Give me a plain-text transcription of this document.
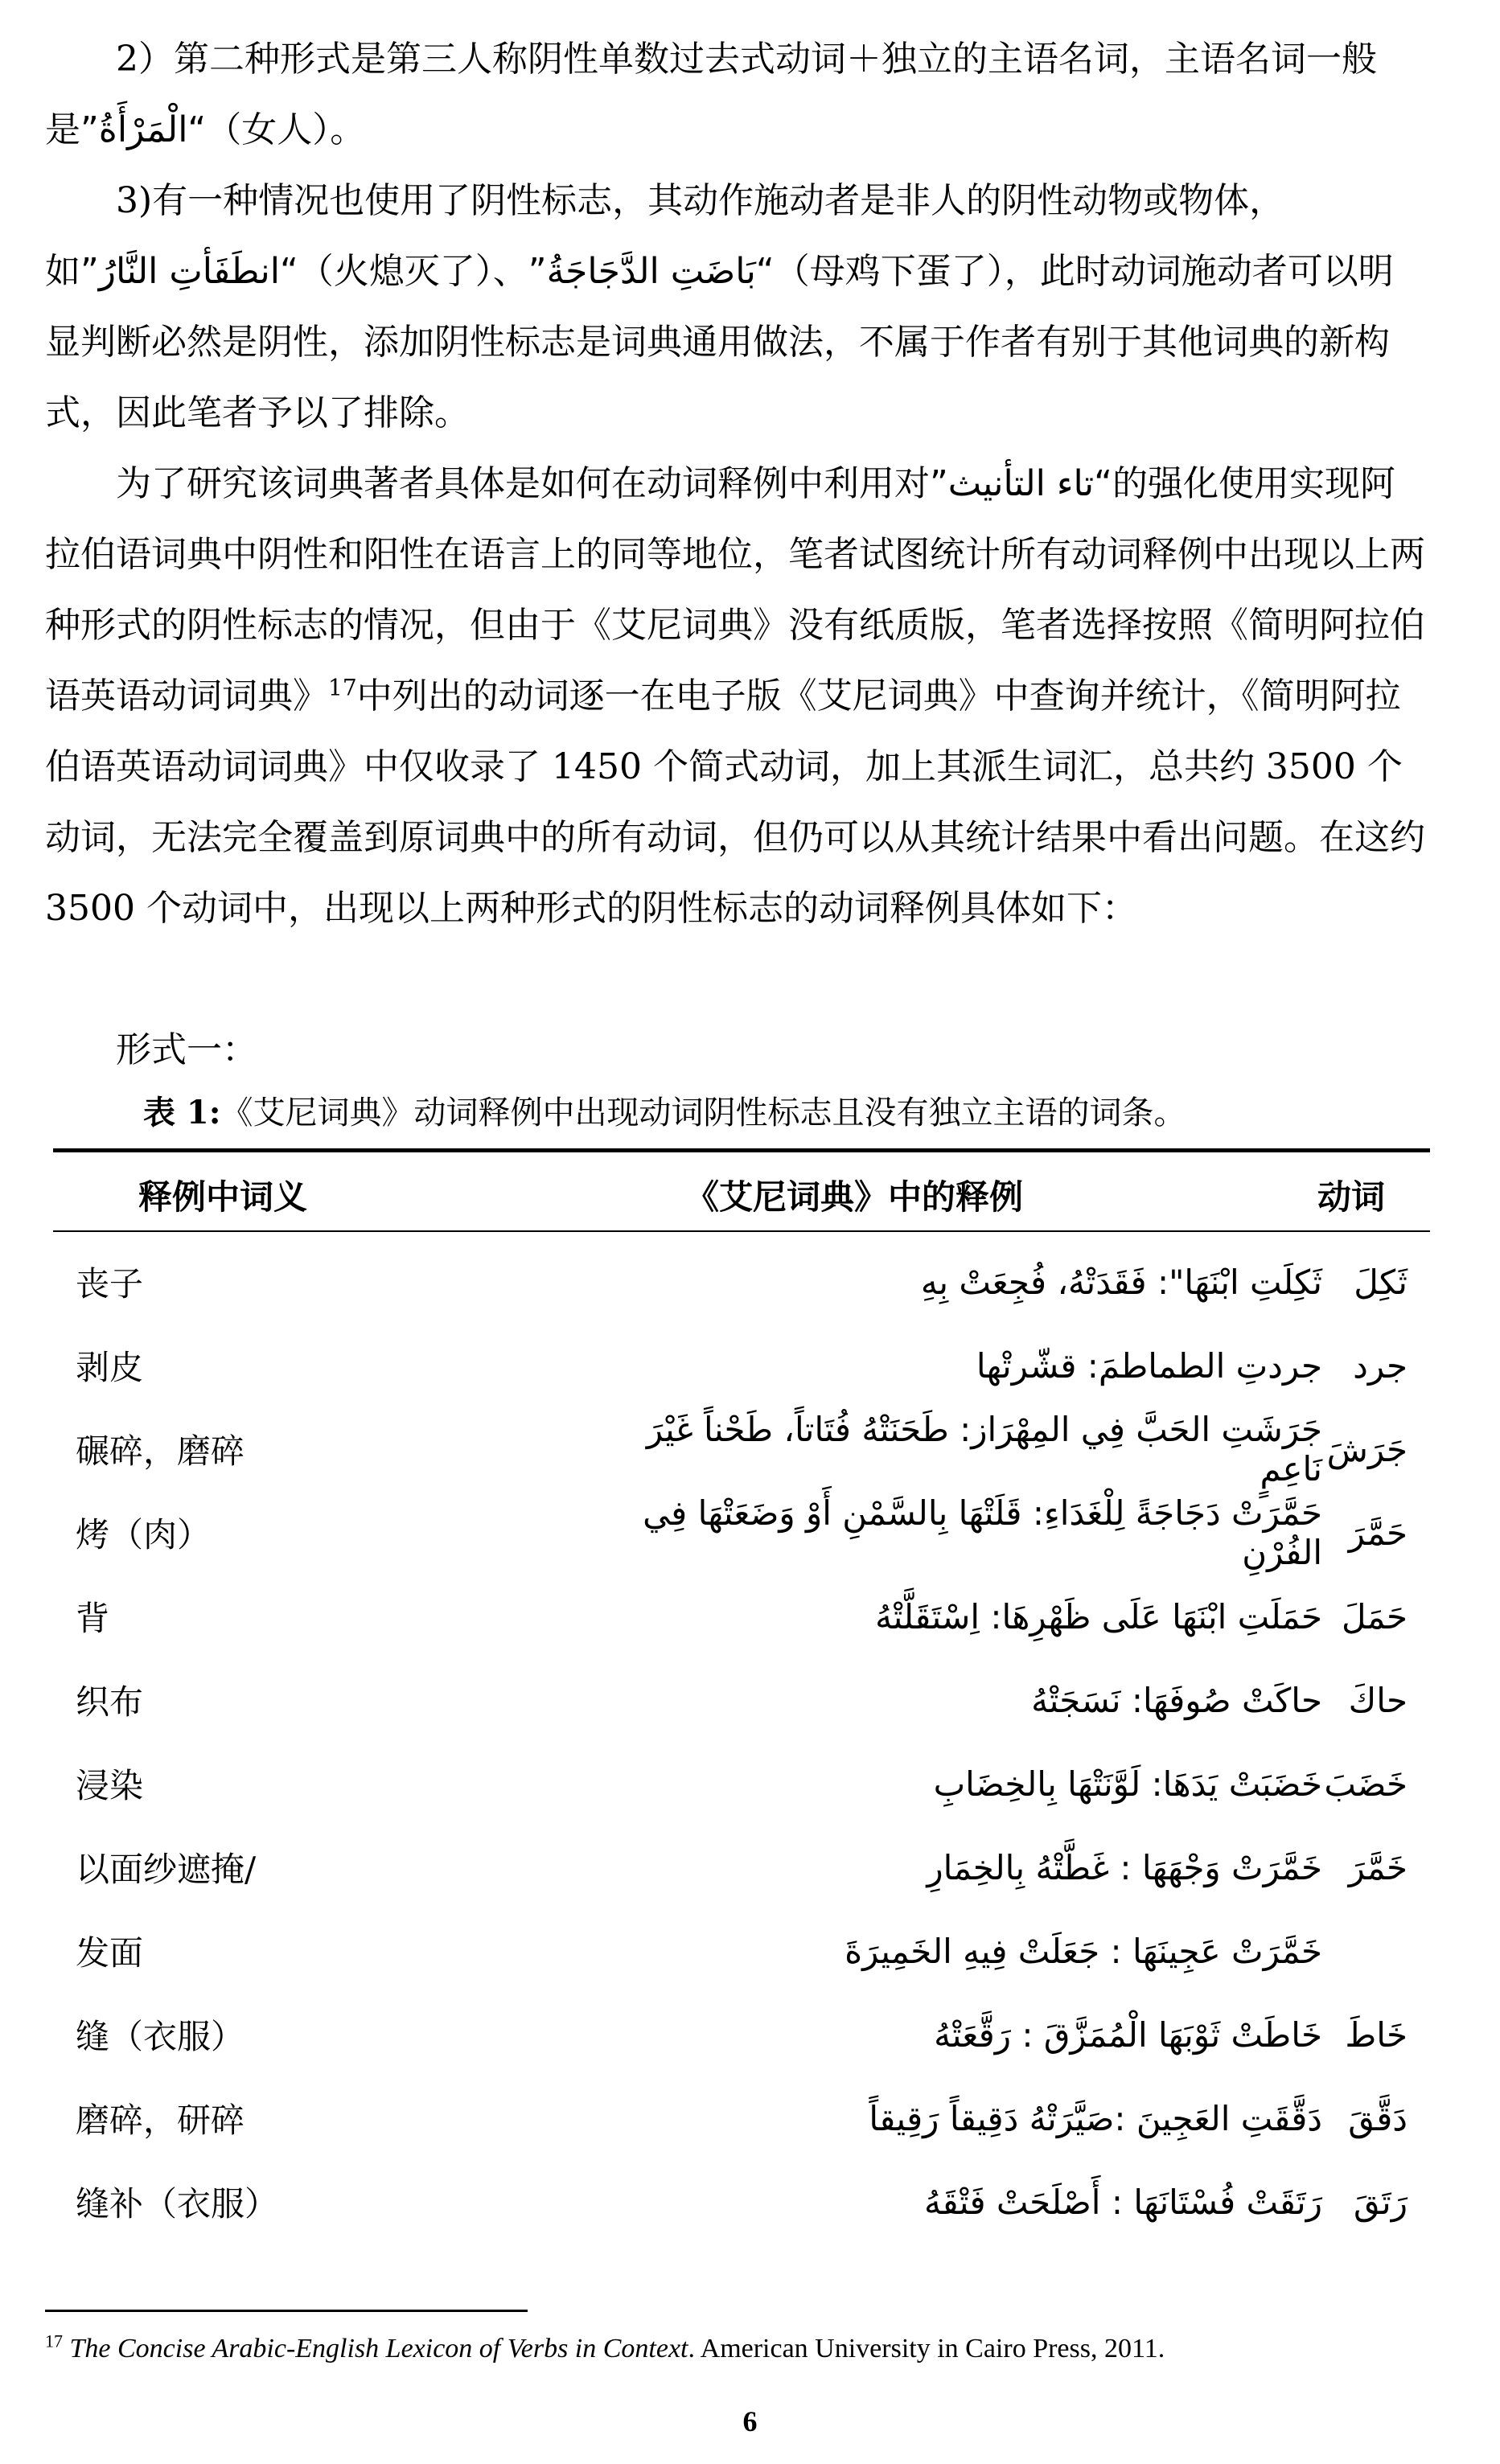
2）第二种形式是第三人称阴性单数过去式动词＋独立的主语名词，主语名词一般是“الْمَرْأَةُ”（女人）。

3)有一种情况也使用了阴性标志，其动作施动者是非人的阴性动物或物体，如“انطَفَأتِ النَّارُ”（火熄灭了）、“بَاضَتِ الدَّجَاجَةُ”（母鸡下蛋了），此时动词施动者可以明显判断必然是阴性，添加阴性标志是词典通用做法，不属于作者有别于其他词典的新构式，因此笔者予以了排除。

为了研究该词典著者具体是如何在动词释例中利用对“تاء التأنيث”的强化使用实现阿拉伯语词典中阴性和阳性在语言上的同等地位，笔者试图统计所有动词释例中出现以上两种形式的阴性标志的情况，但由于《艾尼词典》没有纸质版，笔者选择按照《简明阿拉伯语英语动词词典》$^{17}$中列出的动词逐一在电子版《艾尼词典》中查询并统计，《简明阿拉伯语英语动词词典》中仅收录了 1450 个简式动词，加上其派生词汇，总共约 3500 个动词，无法完全覆盖到原词典中的所有动词，但仍可以从其统计结果中看出问题。在这约 3500 个动词中，出现以上两种形式的阴性标志的动词释例具体如下：

形式一：

表 1:《艾尼词典》动词释例中出现动词阴性标志且没有独立主语的词条。
释例中词义	《艾尼词典》中的释例	动词
丧子	ثَكِلَتِ ابْنَهَا": فَقَدَتْهُ، فُجِعَتْ بِهِ	ثَكِلَ
剥皮	جردتِ الطماطمَ: قشّرتْها	جرد
碾碎，磨碎	جَرَشَتِ الحَبَّ فِي المِهْرَاز: طَحَنَتْهُ فُتَاتاً، طَحْناً غَيْرَ نَاعِمٍ	جَرَشَ
烤（肉）	حَمَّرَتْ دَجَاجَةً لِلْغَدَاءِ: قَلَتْهَا بِالسَّمْنِ أَوْ وَضَعَتْهَا فِي الفُرْنِ	حَمَّرَ
背	حَمَلَتِ ابْنَهَا عَلَى ظَهْرِهَا: اِسْتَقَلَّتْهُ	حَمَلَ
织布	حاكَتْ صُوفَهَا: نَسَجَتْهُ	حاكَ
浸染	خَضَبَتْ يَدَهَا: لَوَّنَتْهَا بِالخِضَابِ	خَضَبَ
以面纱遮掩/	خَمَّرَتْ وَجْهَهَا : غَطَّتْهُ بِالخِمَارِ	خَمَّرَ
发面	خَمَّرَتْ عَجِينَهَا : جَعَلَتْ فِيهِ الخَمِيرَةَ	
缝（衣服）	خَاطَتْ ثَوْبَهَا الْمُمَزَّقَ : رَقَّعَتْهُ	خَاطَ
磨碎，研碎	دَقَّقَتِ العَجِينَ :صَيَّرَتْهُ دَقِيقاً رَقِيقاً	دَقَّقَ
缝补（衣服）	رَتَقَتْ فُسْتَانَهَا : أَصْلَحَتْ فَتْقَهُ	رَتَقَ
$^{17}$ The Concise Arabic-English Lexicon of Verbs in Context. American University in Cairo Press, 2011.
6
